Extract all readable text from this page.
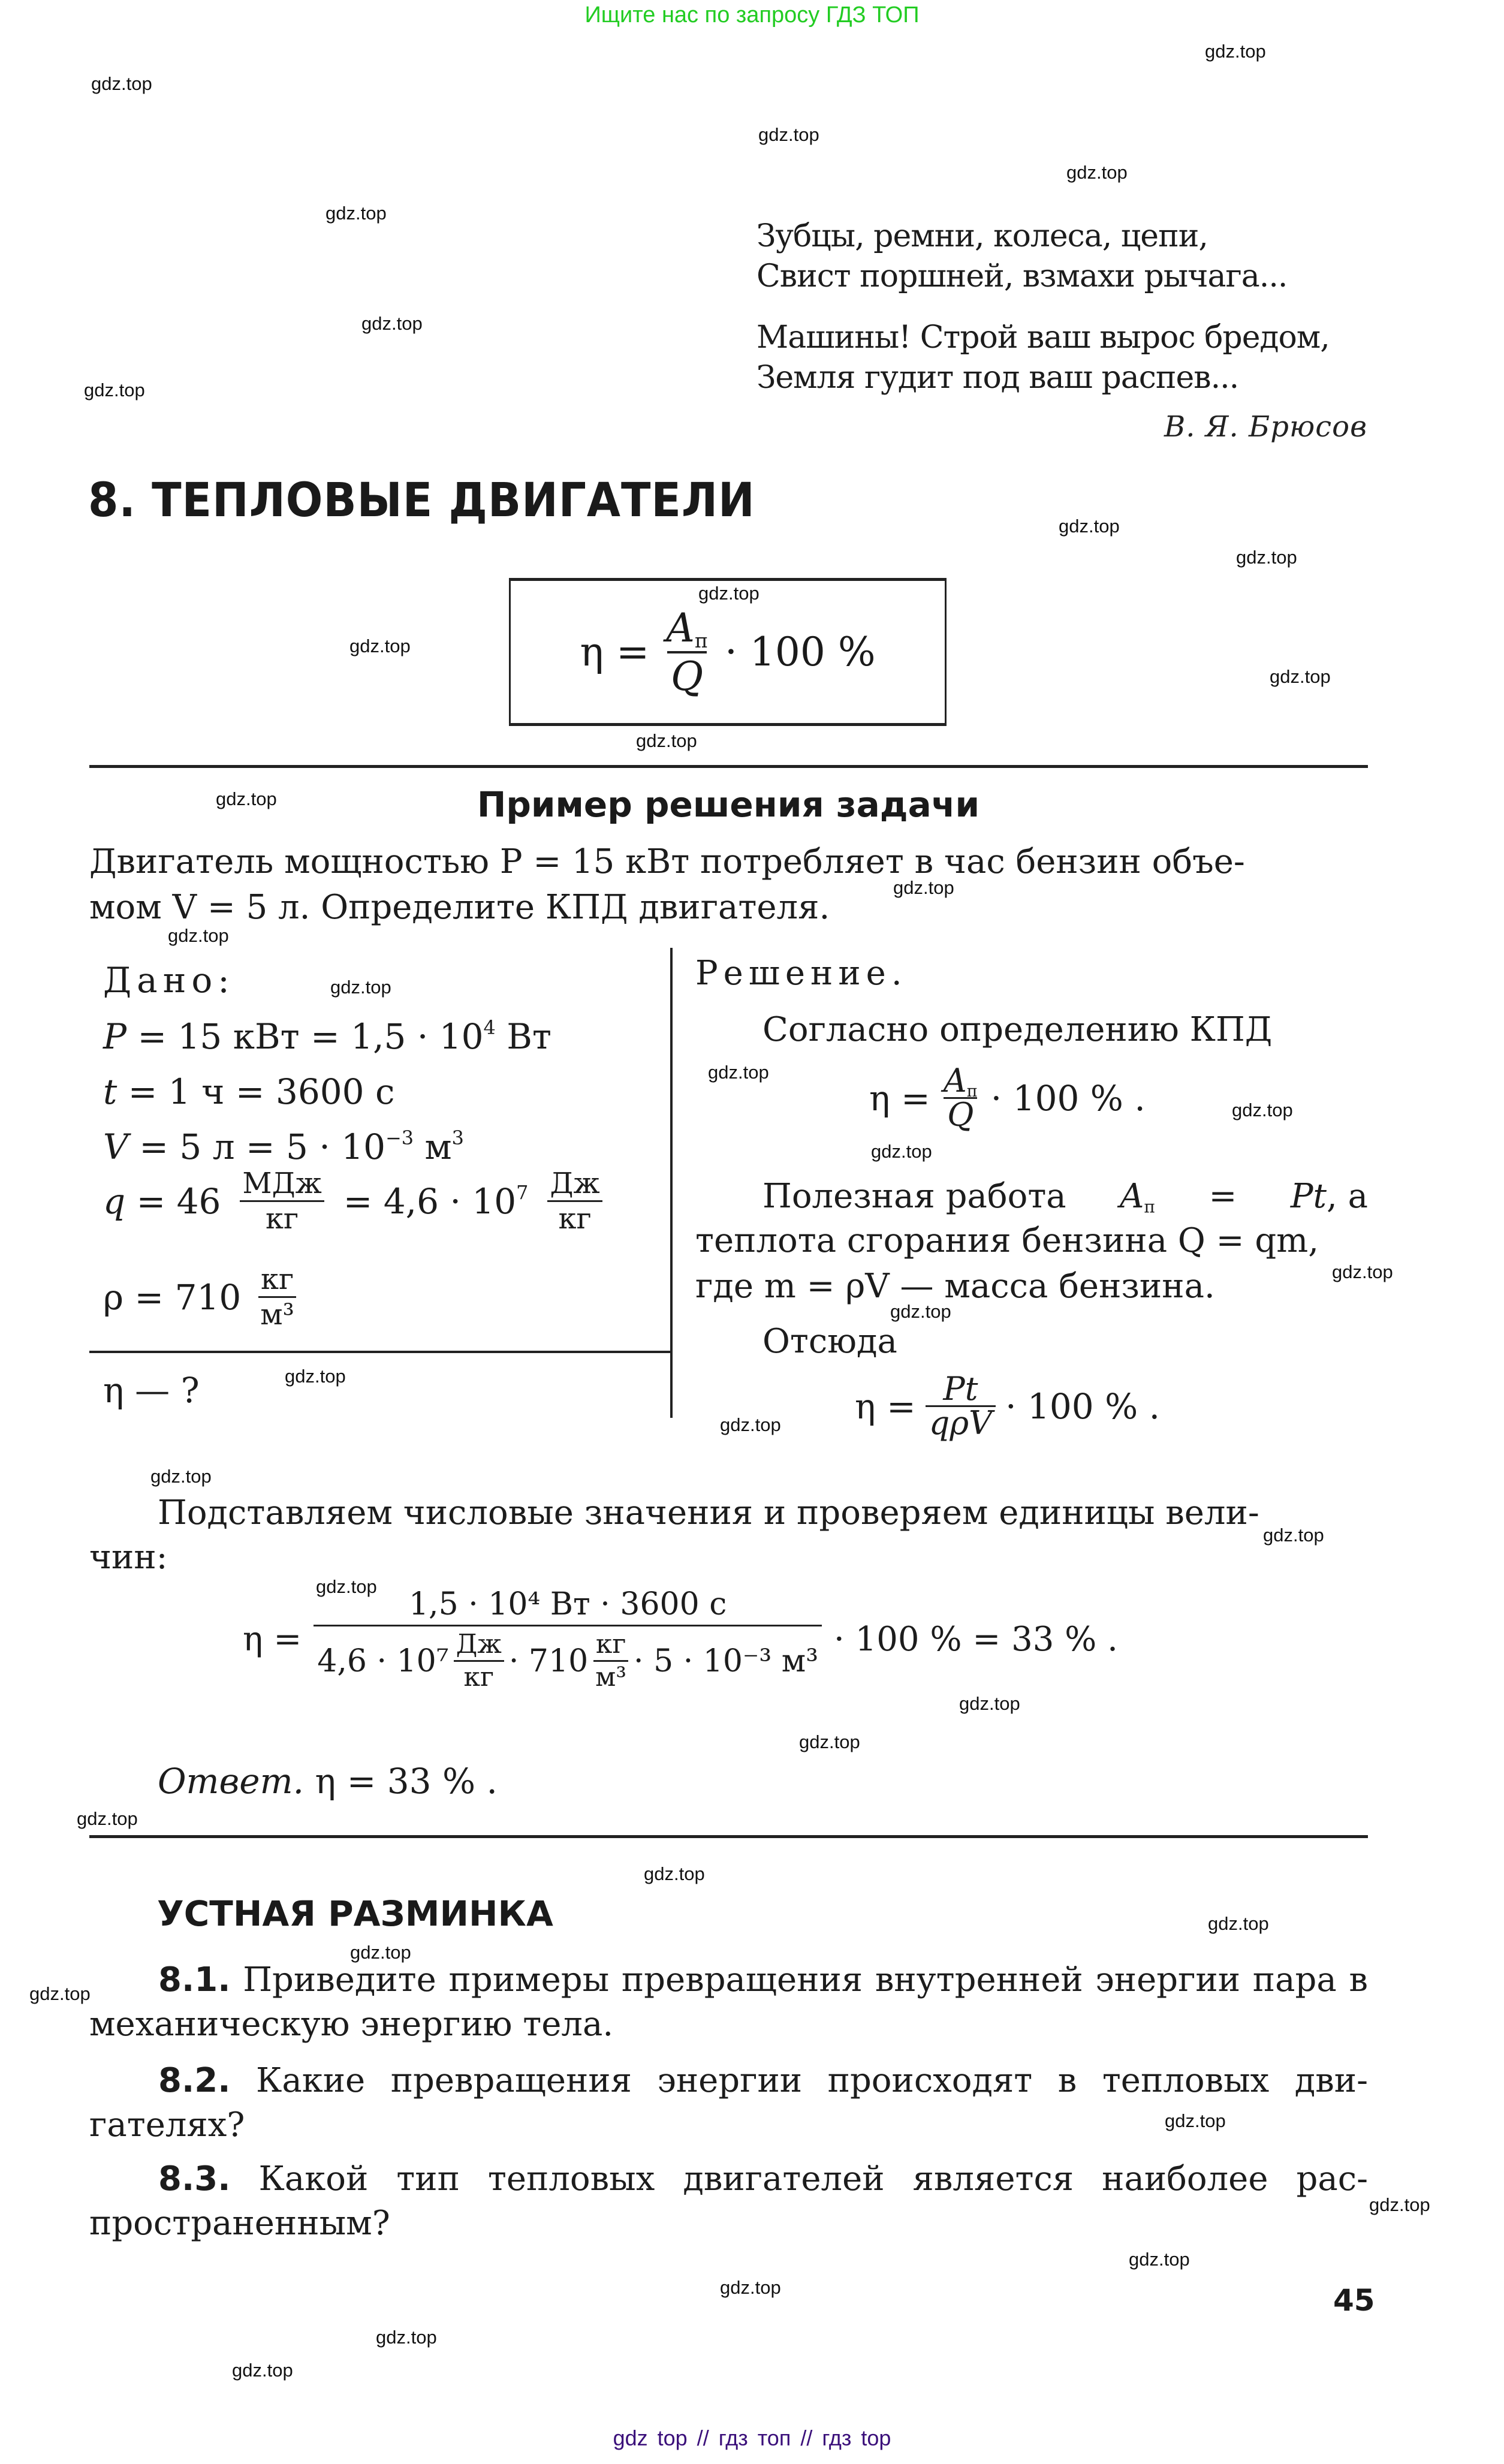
Ищите нас по запросу ГДЗ ТОП
gdz top // гдз топ // гдз top
Зубцы, ремни, колеса, цепи,
Свист поршней, взмахи рычага...
Машины! Строй ваш вырос бредом,
Земля гудит под ваш распев...
В. Я. Брюсов
8. ТЕПЛОВЫЕ ДВИГАТЕЛИ
$\eta = \frac{A_п}{Q} \cdot 100$ %
Пример решения задачи
Двигатель мощностью P = 15 кВт потребляет в час бензин объе-
мом V = 5 л. Определите КПД двигателя.
Дано:
P = 15 кВт = $1,5 \cdot 10^4$ Вт
t = 1 ч = 3600 с
V = 5 $л = 5 \cdot 10^{-3}$ $м^3$
q = 46 МДж
кг = $4,6 \cdot 10^7$ Дж
кг
ρ = 710 кг
м³
η — ?
Решение.
Согласно определению КПД
$\eta = \frac{A_п}{Q} \cdot 100$ % .
Полезная работа $A_п = Pt$, а
теплота сгорания бензина Q = qm,
где m = ρV — масса бензина.
Отсюда
$\eta = \frac{Pt}{\text{qρV}} \cdot 100$ % .
Подставляем числовые значения и проверяем единицы вели-
чин:
η =
1,5 · 10⁴ Вт · 3600 с
4,6 · 10⁷ Дж
кг · 710 кг
м³ · 5 · 10⁻³ м³
· 100 % = 33 % .
Ответ. η = 33 % .
УСТНАЯ РАЗМИНКА
8.1. Приведите примеры превращения внутренней энергии пара в механическую энергию тела.
8.2. Какие превращения энергии происходят в тепловых двигателях?
8.3. Какой тип тепловых двигателей является наиболее распространенным?
45
gdz.top
gdz.top
gdz.top
gdz.top
gdz.top
gdz.top
gdz.top
gdz.top
gdz.top
gdz.top
gdz.top
gdz.top
gdz.top
gdz.top
gdz.top
gdz.top
gdz.top
gdz.top
gdz.top
gdz.top
gdz.top
gdz.top
gdz.top
gdz.top
gdz.top
gdz.top
gdz.top
gdz.top
gdz.top
gdz.top
gdz.top
gdz.top
gdz.top
gdz.top
gdz.top
gdz.top
gdz.top
gdz.top
gdz.top
gdz.top
